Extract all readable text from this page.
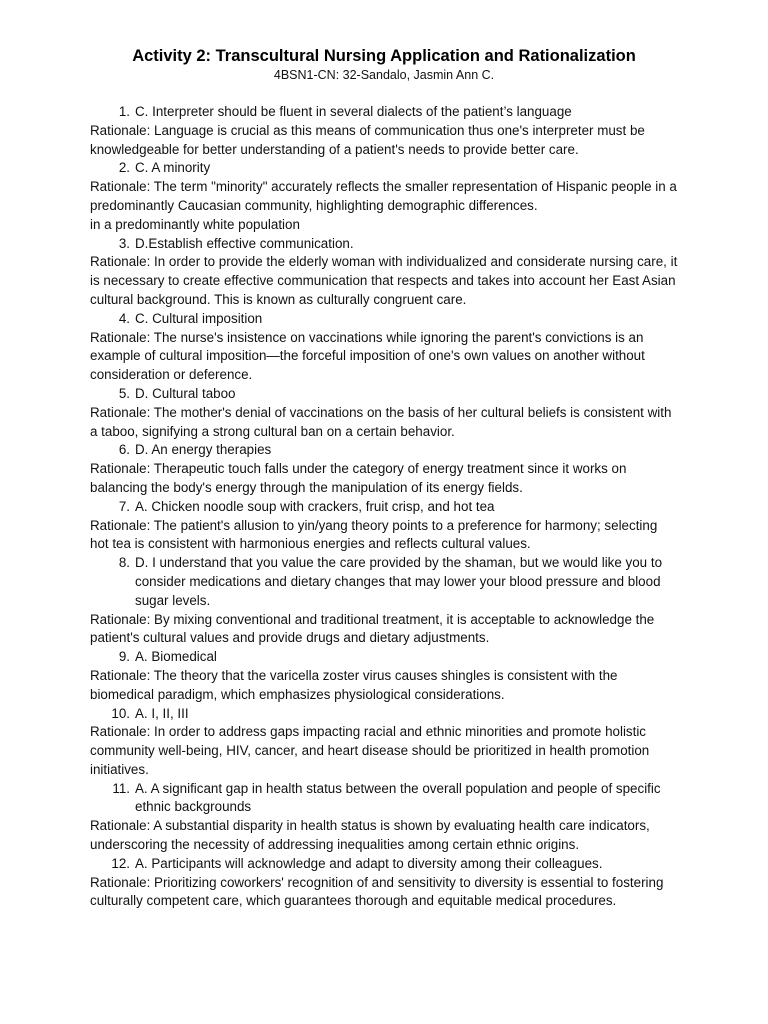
Activity 2: Transcultural Nursing Application and Rationalization

4BSN1-CN: 32-Sandalo, Jasmin Ann C.

1. C. Interpreter should be fluent in several dialects of the patient’s language

Rationale: Language is crucial as this means of communication thus one's interpreter must be knowledgeable for better understanding of a patient's needs to provide better care.

2. C. A minority

Rationale: The term "minority" accurately reflects the smaller representation of Hispanic people in a predominantly Caucasian community, highlighting demographic differences.

in a predominantly white population

3. D.Establish effective communication.

Rationale: In order to provide the elderly woman with individualized and considerate nursing care, it is necessary to create effective communication that respects and takes into account her East Asian cultural background. This is known as culturally congruent care.

4. C. Cultural imposition

Rationale: The nurse's insistence on vaccinations while ignoring the parent's convictions is an example of cultural imposition—the forceful imposition of one's own values on another without consideration or deference.

5. D. Cultural taboo

Rationale: The mother's denial of vaccinations on the basis of her cultural beliefs is consistent with a taboo, signifying a strong cultural ban on a certain behavior.

6. D. An energy therapies

Rationale: Therapeutic touch falls under the category of energy treatment since it works on balancing the body's energy through the manipulation of its energy fields.

7. A. Chicken noodle soup with crackers, fruit crisp, and hot tea

Rationale: The patient's allusion to yin/yang theory points to a preference for harmony; selecting hot tea is consistent with harmonious energies and reflects cultural values.

8. D. I understand that you value the care provided by the shaman, but we would like you to consider medications and dietary changes that may lower your blood pressure and blood sugar levels.

Rationale: By mixing conventional and traditional treatment, it is acceptable to acknowledge the patient's cultural values and provide drugs and dietary adjustments.

9. A. Biomedical

Rationale: The theory that the varicella zoster virus causes shingles is consistent with the biomedical paradigm, which emphasizes physiological considerations.

10. A. I, II, III

Rationale: In order to address gaps impacting racial and ethnic minorities and promote holistic community well-being, HIV, cancer, and heart disease should be prioritized in health promotion initiatives.

11. A. A significant gap in health status between the overall population and people of specific ethnic backgrounds

Rationale: A substantial disparity in health status is shown by evaluating health care indicators, underscoring the necessity of addressing inequalities among certain ethnic origins.

12. A. Participants will acknowledge and adapt to diversity among their colleagues.

Rationale: Prioritizing coworkers' recognition of and sensitivity to diversity is essential to fostering culturally competent care, which guarantees thorough and equitable medical procedures.
